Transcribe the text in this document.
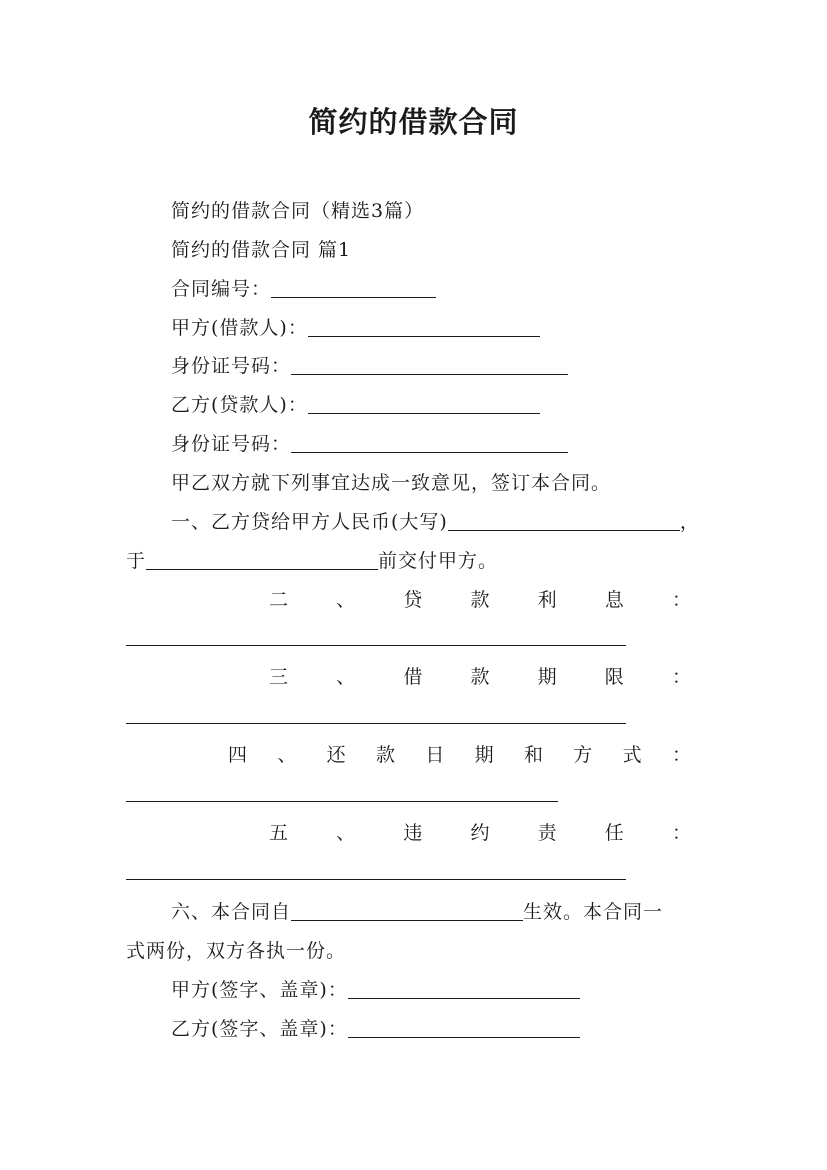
简约的借款合同
简约的借款合同（精选3篇）
简约的借款合同 篇1
合同编号：
甲方(借款人)：
身份证号码：
乙方(贷款人)：
身份证号码：
甲乙双方就下列事宜达成一致意见，签订本合同。
一、乙方贷给甲方人民币(大写)	，
于	前交付甲方。
二	、	贷	款	利	息	：
三	、	借	款	期	限	：
四 、 还 款 日 期 和 方 式 ：
五	、	违	约	责	任	：
六、本合同自	生效。本合同一
式两份，双方各执一份。
甲方(签字、盖章)：
乙方(签字、盖章)：
